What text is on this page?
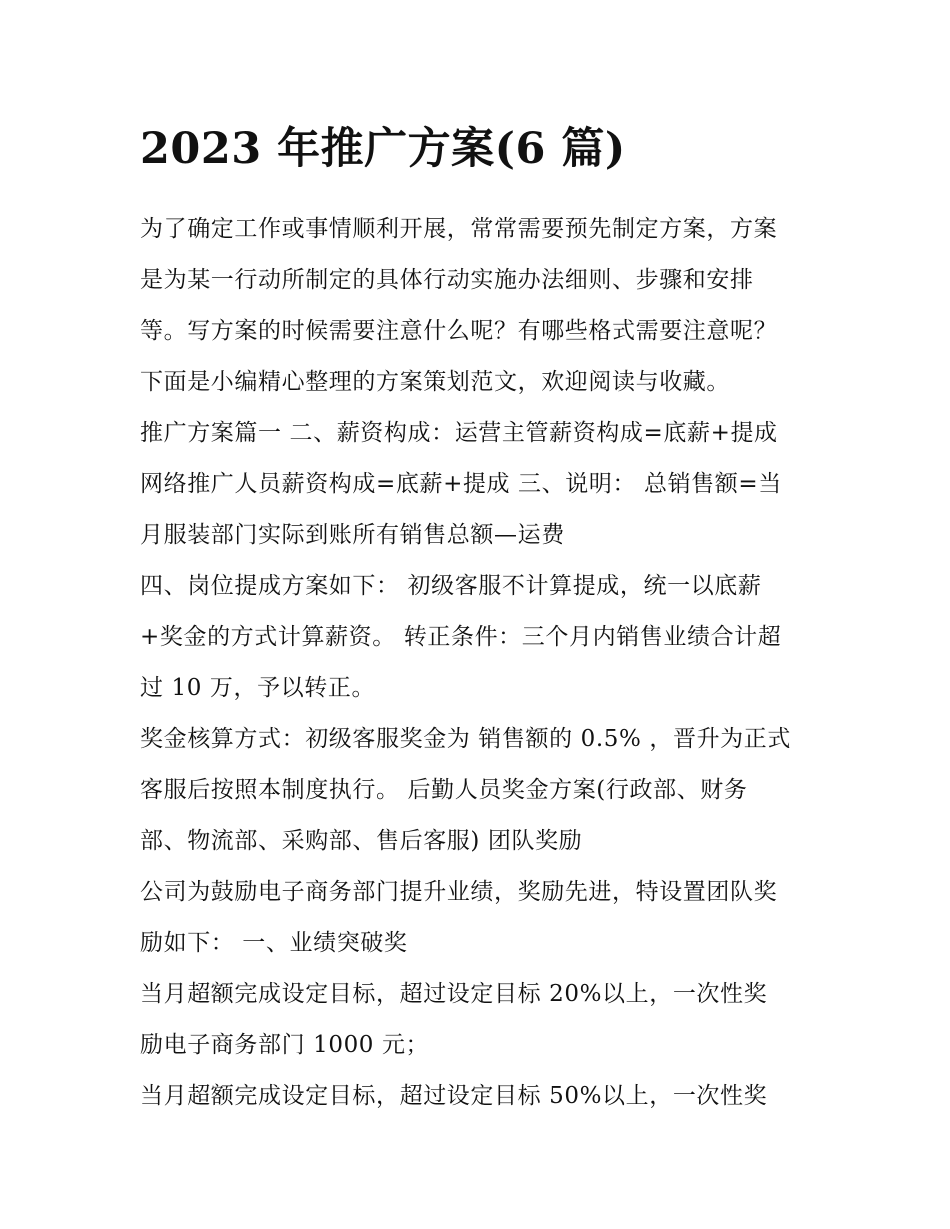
2023 年推广方案(6 篇)
为了确定工作或事情顺利开展，常常需要预先制定方案，方案
是为某一行动所制定的具体行动实施办法细则、步骤和安排
等。写方案的时候需要注意什么呢？有哪些格式需要注意呢？
下面是小编精心整理的方案策划范文，欢迎阅读与收藏。
推广方案篇一 二、薪资构成：运营主管薪资构成=底薪+提成
网络推广人员薪资构成=底薪+提成 三、说明： 总销售额=当
月服装部门实际到账所有销售总额—运费
四、岗位提成方案如下： 初级客服不计算提成，统一以底薪
+奖金的方式计算薪资。 转正条件：三个月内销售业绩合计超
过 10 万，予以转正。
奖金核算方式：初级客服奖金为 销售额的 0.5% ，晋升为正式
客服后按照本制度执行。 后勤人员奖金方案(行政部、财务
部、物流部、采购部、售后客服) 团队奖励
公司为鼓励电子商务部门提升业绩，奖励先进，特设置团队奖
励如下： 一、业绩突破奖
当月超额完成设定目标，超过设定目标 20%以上，一次性奖
励电子商务部门 1000 元；
当月超额完成设定目标，超过设定目标 50%以上，一次性奖
